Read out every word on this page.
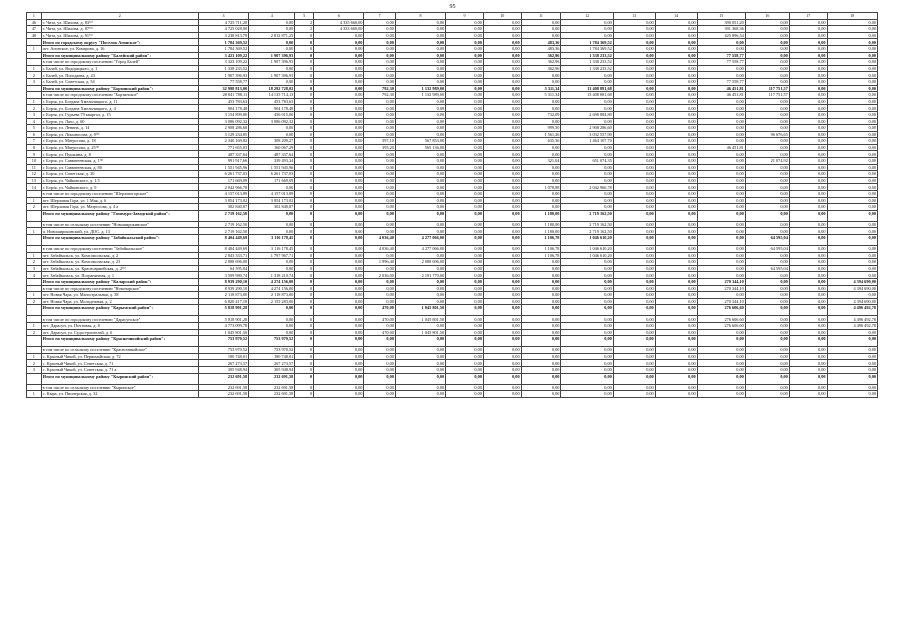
95
1	2	3	4	5	6	7	8	9	10	11	12	13	14	15	16	17	18
46	г. Чита, ул. Шилова, д. 83⁽⁹⁾	4 725 711,20	0,00	2	4 335 660,00	0,00	0,00	0,00	0,00	0,00	0,00	0,00	0,00	390 051,20	0,00	0,00	0,00
47	г. Чита, ул. Шилова, д. 87⁽⁹⁾	4 725 028,00	0,00	2	4 333 660,00	0,00	0,00	0,00	0,00	0,00	0,00	0,00	0,00	391 368,36	0,00	0,00	0,00
48	г. Чита, ул. Шилова, д. 91⁽⁹⁾	3 238 813,79	2 812 871,25	0	0,00	0,00	0,00	0,00	0,00	0,00	0,00	0,00	0,00	425 896,54	0,00	0,00	0,00
	Итого по городскому округу "Поселок Агинское":	1 784 369,52	0,00	0	0,00	0,00	0,00	0,00	0,00	483,36	1 784 369,52	0,00	0,00	0,00	0,00	0,00	0,00
1	пгт. Агинское, ул. Комарова, д. 16	1 784 369,52	0,00	0	0,00	0,00	0,00	0,00	0,00	483,36	1 784 369,52	0,00	0,00	0,00	0,00	0,00	0,00
	Итого по муниципальному району "Балейский район":	3 423 109,22	1 907 396,93	0	0,00	0,00	0,00	0,00	0,00	362,96	1 338 233,52	0,00	0,00	77 558,77	0,00	0,00	0,00
	в том числе по городскому поселению "Город Балей"	3 323 109,22	1 907 396,93	0	0,00	0,00	0,00	0,00	0,00	362,96	1 338 233,52	0,00	0,00	77 558,77	0,00	0,00	0,00
1	г. Балей, ул. Водорацкого, д. 1	1 338 233,52	0,00	0	0,00	0,00	0,00	0,00	0,00	362,96	1 338 233,52	0,00	0,00	0,00	0,00	0,00	0,00
2	г. Балей, ул. Погодаева, д. 43	1 907 396,93	1 907 396,93	0	0,00	0,00	0,00	0,00	0,00	0,00	0,00	0,00	0,00	0,00	0,00	0,00	0,00
3	г. Балей, ул. Советская, д. 54	77 558,77	0,00	0	0,00	0,00	0,00	0,00	0,00	0,00	0,00	0,00	0,00	77 558,77	0,00	0,00	0,00
	Итого по муниципальному району "Борзинский район":	32 998 813,00	18 292 728,02	0	0,00	792,30	1 132 989,00	0,00	0,00	5 311,34	13 408 881,68	0,00	0,00	46 451,81	117 751,57	0,00	0,00
	в том числе по городскому поселению "Борзинское"	28 841 788,11	14 135 714,13	0	0,00	792,30	1 132 989,00	0,00	0,00	5 311,34	13 408 881,68	0,00	0,00	46 451,81	117 751,57	0,00	0,00
1	г. Борзя, ул. Богдана Хмельницкого, д. 11	453 783,63	453 783,63	0	0,00	0,00	0,00	0,00	0,00	0,00	0,00	0,00	0,00	0,00	0,00	0,00	0,00
2	г. Борзя, ул. Богдана Хмельницкого, д. 4	904 178,48	904 178,48	0	0,00	0,00	0,00	0,00	0,00	0,00	0,00	0,00	0,00	0,00	0,00	0,00	0,00
3	г. Борзя, ул. Гурьева 79 квартал, д. 15	3 154 899,80	456 015,00	0	0,00	0,00	0,00	0,00	0,00	732,09	2 698 884,80	0,00	0,00	0,00	0,00	0,00	0,00
4	г. Борзя, ул. Лазо, д. 60	3 086 092,32	3 086 092,32	0	0,00	0,00	0,00	0,00	0,00	0,00	0,00	0,00	0,00	0,00	0,00	0,00	0,00
5	г. Борзя, ул. Ленина, д. 14	2 908 286,60	0,00	0	0,00	0,00	0,00	0,00	0,00	999,50	2 908 286,60	0,00	0,00	0,00	0,00	0,00	0,00
6	г. Борзя, ул. Ломоносова, д. 9⁽⁹⁾	3 129 234,85	0,00	0	0,00	0,00	0,00	0,00	0,00	1 561,26	3 032 557,90	0,00	0,00	0,00	96 676,65	0,00	0,00
7	г. Борзя, ул. Матросова, д. 18	2 340 169,82	308 209,27	0	0,00	397,10	567 853,00	0,00	0,00	635,36	1 464 107,70	0,00	0,00	0,00	0,00	0,00	0,00
8	г. Борзя, ул. Матросова, д. 25⁽⁹⁾	771 655,03	160 067,29	0	0,00	395,20	565 136,00	0,00	0,00	0,00	0,00	0,00	0,00	46 451,81	0,00	0,00	0,00
9	г. Борзя, ул. Пушкина, д. 8	487 337,64	487 337,64	0	0,00	0,00	0,00	0,00	0,00	0,00	0,00	0,00	0,00	0,00	0,00	0,00	0,00
10	г. Борзя, ул. Савватеевская, д. 1⁽⁹⁾	991 917,66	339 493,34	0	0,00	0,00	0,00	0,00	0,00	321,04	651 074,35	0,00	0,00	0,00	21 074,92	0,00	0,00
11	г. Борзя, ул. Савватеевская, д. 80	1 551 945,96	1 551 945,96	0	0,00	0,00	0,00	0,00	0,00	0,00	0,00	0,00	0,00	0,00	0,00	0,00	0,00
12	г. Борзя, ул. Советская, д. 30	6 261 737,03	6 261 737,03	0	0,00	0,00	0,00	0,00	0,00	0,00	0,00	0,00	0,00	0,00	0,00	0,00	0,00
13	г. Борзя, ул. Чайковского, д. 1.5	171 669,09	171 669,09	0	0,00	0,00	0,00	0,00	0,00	0,00	0,00	0,00	0,00	0,00	0,00	0,00	0,00
14	г. Борзя, ул. Чайковского, д. 9	2 042 966,78	0,00	0	0,00	0,00	0,00	0,00	0,00	1 078,88	2 042 966,78	0,00	0,00	0,00	0,00	0,00	0,00
	в том числе по городскому поселению "Шерловогорское"	4 157 013,89	4 157 013,89	0	0,00	0,00	0,00	0,00	0,00	0,00	0,00	0,00	0,00	0,00	0,00	0,00	0,00
1	пгт. Шерловая Гора, ул. 1 Мая, д. 6	3 854 173,02	3 854 173,02	0	0,00	0,00	0,00	0,00	0,00	0,00	0,00	0,00	0,00	0,00	0,00	0,00	0,00
2	пгт. Шерловая Гора, ул. Матросова, д. 4 а	302 840,87	302 840,87	0	0,00	0,00	0,00	0,00	0,00	0,00	0,00	0,00	0,00	0,00	0,00	0,00	0,00
	Итого по муниципальному району "Газимуро-Заводский район":	2 719 162,50	0,00	0	0,00	0,00	0,00	0,00	0,00	1 180,00	2 719 162,50	0,00	0,00	0,00	0,00	0,00	0,00
	в том числе по сельскому поселению "Новоширокинское"	2 719 162,50	0,00	0	0,00	0,00	0,00	0,00	0,00	1 180,00	2 719 162,50	0,00	0,00	0,00	0,00	0,00	0,00
1	п. Новоширокинский, ул. ДОС, д. 13	2 719 162,50	0,00	0	0,00	0,00	0,00	0,00	0,00	1 180,00	2 719 162,50	0,00	0,00	0,00	0,00	0,00	0,00
	Итого по муниципальному району "Забайкальский район":	8 404 449,69	3 116 178,45	0	0,00	4 036,40	4 277 066,00	0,00	0,00	1 106,78	1 046 610,20	0,00	0,00	0,00	64 595,04	0,00	0,00
	в том числе по городскому поселению "Забайкальское"	8 404 449,69	3 116 178,45	0	0,00	4 036,40	4 277 066,00	0,00	0,00	1 106,78	1 046 610,20	0,00	0,00	0,00	64 595,04	0,00	0,00
1	пгт. Забайкальск, ул. Комсомольская, д. 2	2 843 333,71	1 797 967,71	0	0,00	0,00	0,00	0,00	0,00	1 106,78	1 046 610,20	0,00	0,00	0,00	0,00	0,00	0,00
2	пгт. Забайкальск, ул. Комсомольская, д. 23	2 088 696,00	0,00	0	0,00	1 996,40	2 088 696,00	0,00	0,00	0,00	0,00	0,00	0,00	0,00	0,00	0,00	0,00
3	пгт. Забайкальск, ул. Красноармейская, д. 2⁽⁹⁾	64 595,04	0,00	0	0,00	0,00	0,00	0,00	0,00	0,00	0,00	0,00	0,00	0,00	64 595,04	0,00	0,00
4	пгт. Забайкальск, ул. Пограничная, д. 1	3 509 980,74	1 318 210,74	0	0,00	2 036,00	2 191 770,00	0,00	0,00	0,00	0,00	0,00	0,00	0,00	0,00	0,00	0,00
	Итого по муниципальному району "Каларский район":	8 939 290,10	4 274 156,00	0	0,00	0,00	0,00	0,00	0,00	0,00	0,00	0,00	0,00	270 344,10	0,00	0,00	4 394 690,00
	в том числе по городскому поселению "Новочарское"	8 939 290,10	4 274 156,00	0	0,00	0,00	0,00	0,00	0,00	0,00	0,00	0,00	0,00	270 344,10	0,00	0,00	4 394 690,00
1	пгт. Новая Чара, ул. Магистральная, д. 38	2 118 873,00	2 118 873,00	0	0,00	0,00	0,00	0,00	0,00	0,00	0,00	0,00	0,00	0,00	0,00	0,00	0,00
2	пгт. Новая Чара, ул. Молодежная, д. 2	6 820 417,10	2 155 283,00	0	0,00	0,00	0,00	0,00	0,00	0,00	0,00	0,00	0,00	270 344,10	0,00	0,00	4 394 690,00
	Итого по муниципальному району "Карымский район":	5 818 901,28	0,00	0	0,00	470,00	1 045 801,50	0,00	0,00	0,00	0,00	0,00	0,00	276 606,60	0,00	0,00	4 496 492,78
	в том числе по городскому поселению "Дарасунское"	5 818 901,28	0,00	0	0,00	470,00	1 045 801,50	0,00	0,00	0,00	0,00	0,00	0,00	276 606,60	0,00	0,00	4 496 492,78
1	пгт. Дарасун, ул. Почтовая, д. 8	4 773 099,78	0,00	0	0,00	0,00	0,00	0,00	0,00	0,00	0,00	0,00	0,00	276 606,60	0,00	0,00	4 496 492,78
2	пгт. Дарасун, ул. Судостроителей, д. 6	1 045 801,50	0,00	0	0,00	470,00	1 045 801,50	0,00	0,00	0,00	0,00	0,00	0,00	0,00	0,00	0,00	0,00
	Итого по муниципальному району "Красночикойский район":	753 970,52	753 970,52	0	0,00	0,00	0,00	0,00	0,00	0,00	0,00	0,00	0,00	0,00	0,00	0,00	0,00
	в том числе по сельскому поселению "Красночикойское"	753 970,52	753 970,52	0	0,00	0,00	0,00	0,00	0,00	0,00	0,00	0,00	0,00	0,00	0,00	0,00	0,00
1	с. Красный Чикой, ул. Первомайская, д. 72	180 748,01	180 748,01	0	0,00	0,00	0,00	0,00	0,00	0,00	0,00	0,00	0,00	0,00	0,00	0,00	0,00
2	с. Красный Чикой, ул. Советская, д. 71	267 273,57	267 273,57	0	0,00	0,00	0,00	0,00	0,00	0,00	0,00	0,00	0,00	0,00	0,00	0,00	0,00
3	с. Красный Чикой, ул. Советская, д. 71 а	305 948,94	305 948,94	0	0,00	0,00	0,00	0,00	0,00	0,00	0,00	0,00	0,00	0,00	0,00	0,00	0,00
	Итого по муниципальному району "Кыринский район":	232 691,58	232 691,58	0	0,00	0,00	0,00	0,00	0,00	0,00	0,00	0,00	0,00	0,00	0,00	0,00	0,00
	в том числе по сельскому поселению "Кыринское"	232 691,58	232 691,58	0	0,00	0,00	0,00	0,00	0,00	0,00	0,00	0,00	0,00	0,00	0,00	0,00	0,00
1	с. Кыра, ул. Пионерская, д. 32	232 691,58	232 691,58	0	0,00	0,00	0,00	0,00	0,00	0,00	0,00	0,00	0,00	0,00	0,00	0,00	0,00
